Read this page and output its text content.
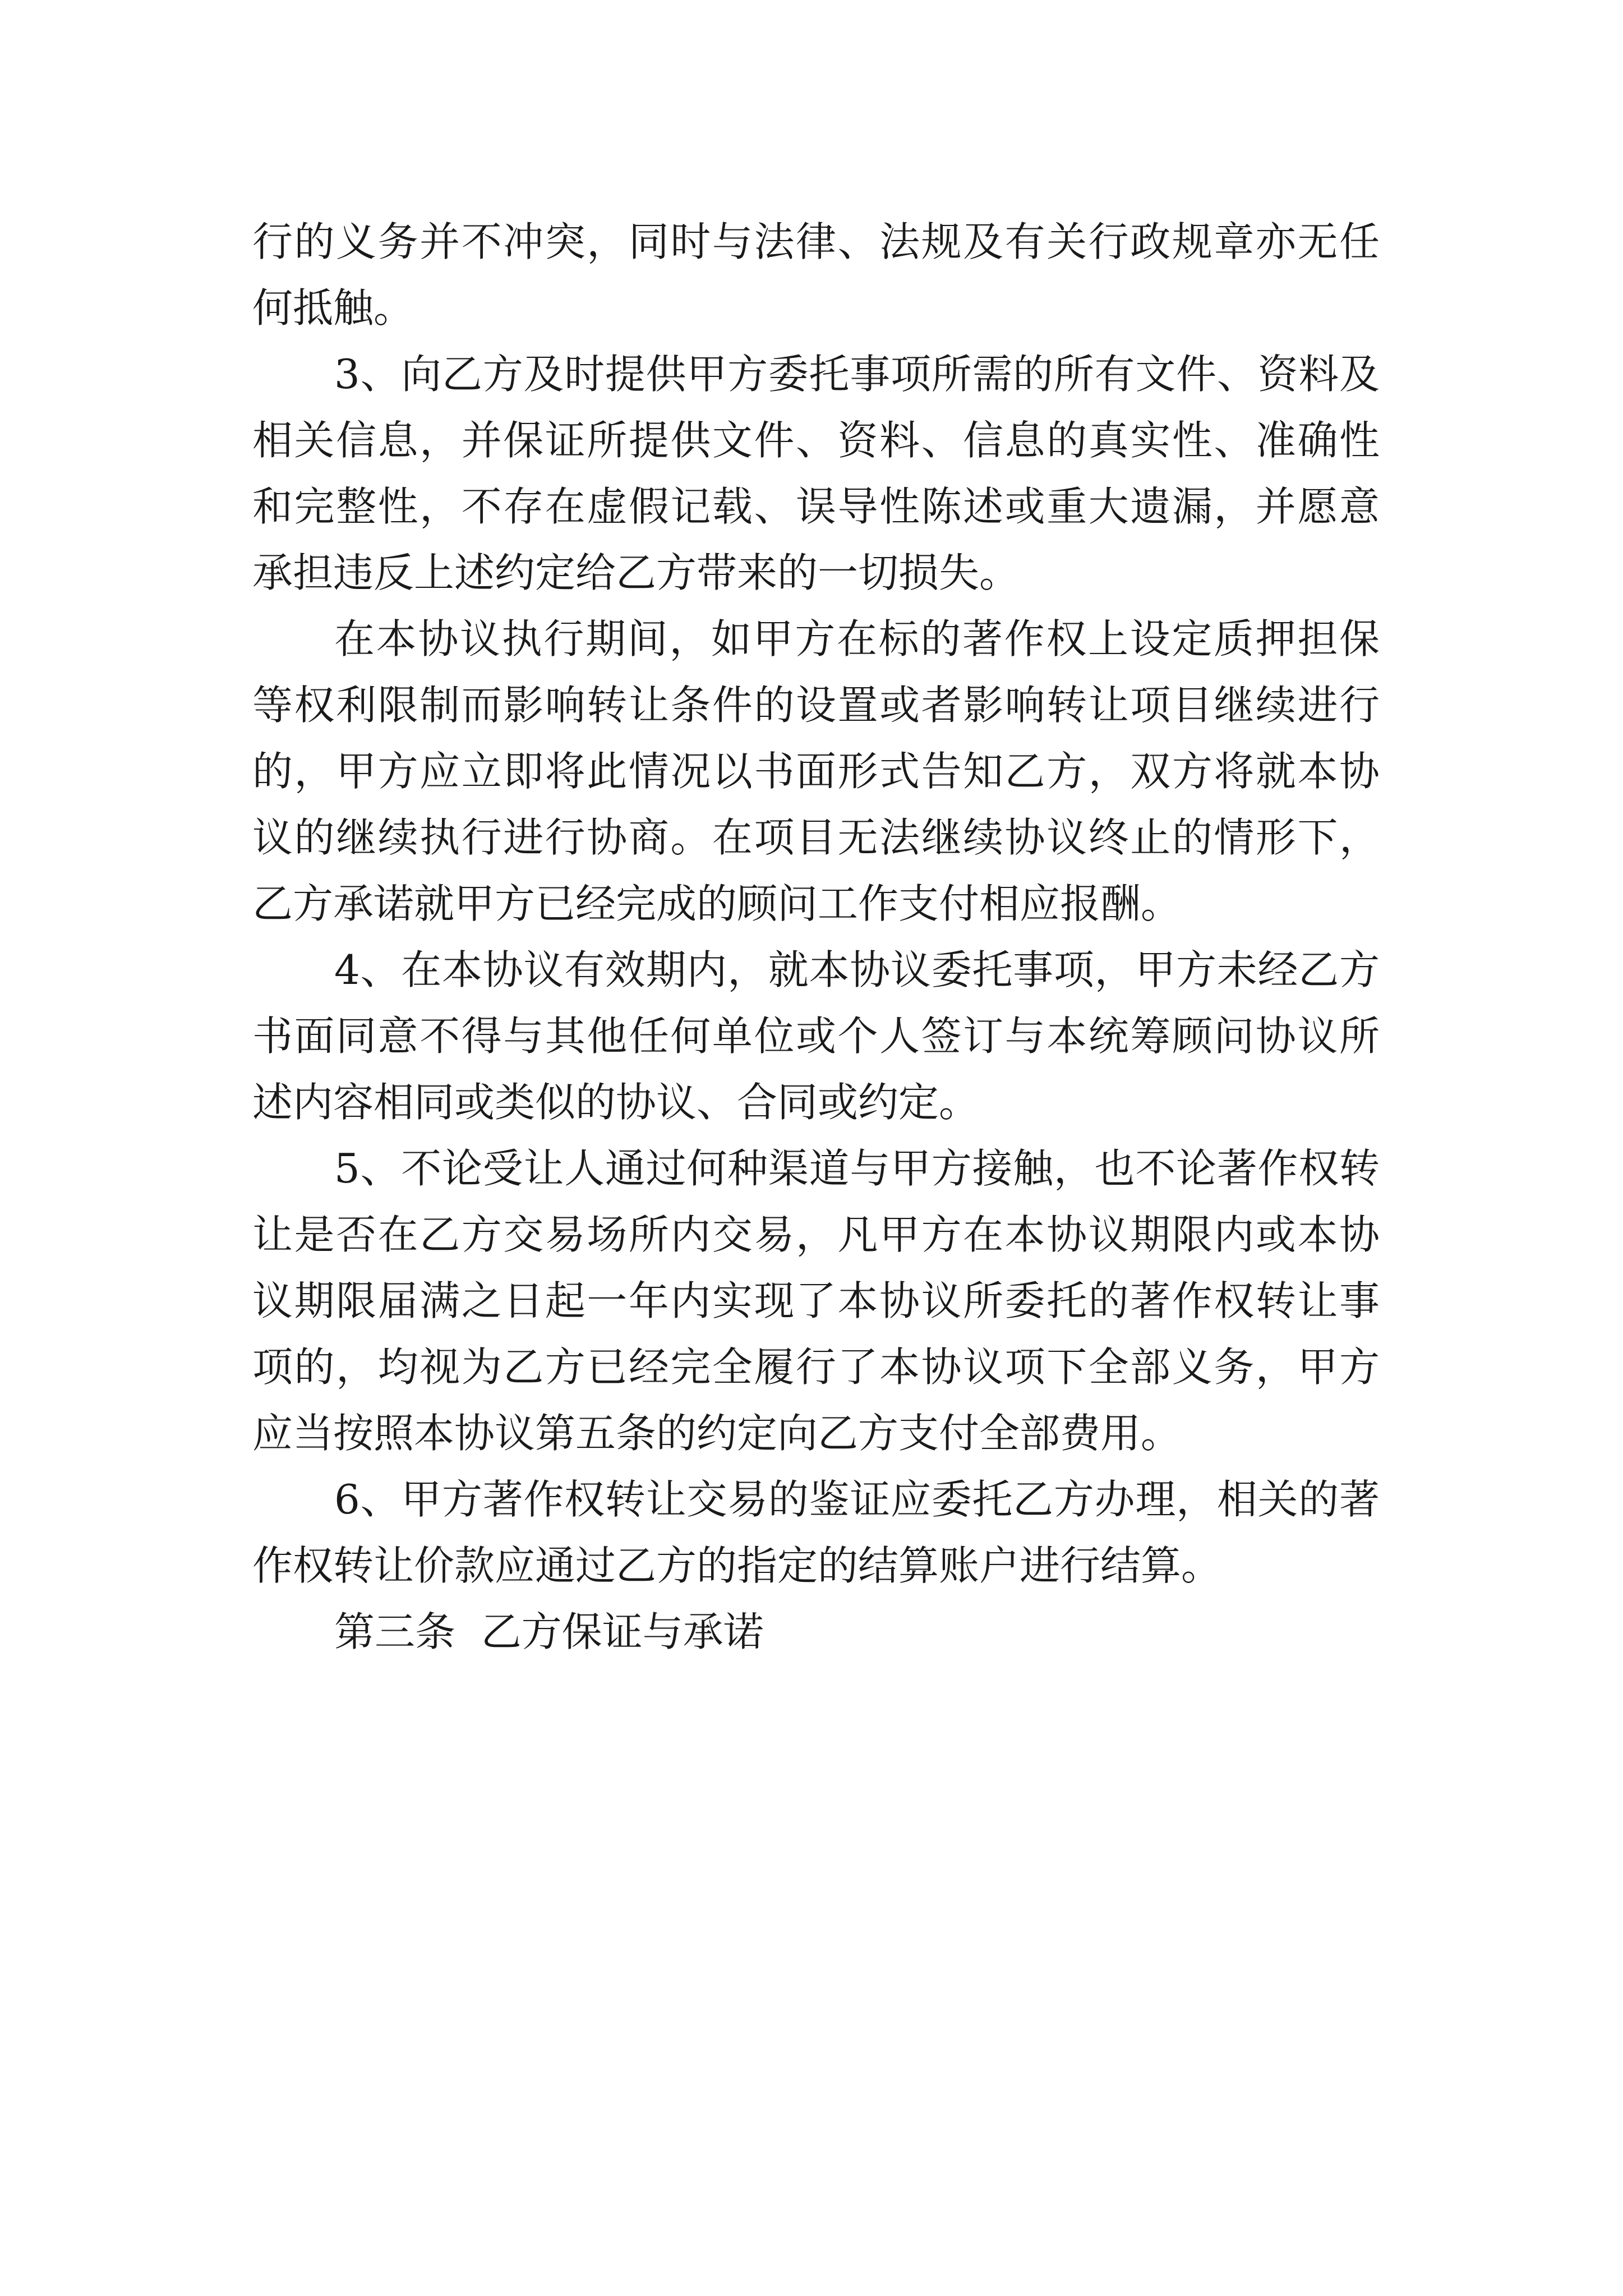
行的义务并不冲突，同时与法律、法规及有关行政规章亦无任何抵触。

3、向乙方及时提供甲方委托事项所需的所有文件、资料及相关信息，并保证所提供文件、资料、信息的真实性、准确性和完整性，不存在虚假记载、误导性陈述或重大遗漏，并愿意承担违反上述约定给乙方带来的一切损失。

在本协议执行期间，如甲方在标的著作权上设定质押担保等权利限制而影响转让条件的设置或者影响转让项目继续进行的，甲方应立即将此情况以书面形式告知乙方，双方将就本协议的继续执行进行协商。在项目无法继续协议终止的情形下，乙方承诺就甲方已经完成的顾问工作支付相应报酬。

4、在本协议有效期内，就本协议委托事项，甲方未经乙方书面同意不得与其他任何单位或个人签订与本统筹顾问协议所述内容相同或类似的协议、合同或约定。

5、不论受让人通过何种渠道与甲方接触，也不论著作权转让是否在乙方交易场所内交易，凡甲方在本协议期限内或本协议期限届满之日起一年内实现了本协议所委托的著作权转让事项的，均视为乙方已经完全履行了本协议项下全部义务，甲方应当按照本协议第五条的约定向乙方支付全部费用。

6、甲方著作权转让交易的鉴证应委托乙方办理，相关的著作权转让价款应通过乙方的指定的结算账户进行结算。

第三条  乙方保证与承诺
